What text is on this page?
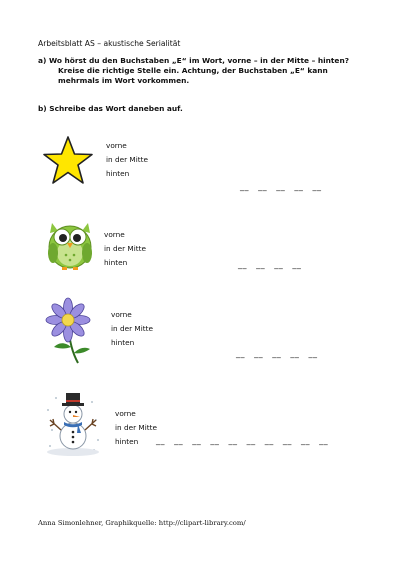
Arbeitsblatt AS – akustische Serialität
a) Wo hörst du den Buchstaben „E“ im Wort, vorne – in der Mitte – hinten?
Kreise die richtige Stelle ein. Achtung, der Buchstaben „E“ kann mehrmals im Wort vorkommen.
b) Schreibe das Wort daneben auf.
vorne
in der Mitte
hinten
__   __   __   __   __
vorne
in der Mitte
hinten	__   __   __   __
vorne
in der Mitte
hinten
__   __   __   __   __
vorne
in der Mitte
hinten	__   __   __   __   __   __   __   __   __   __
Anna Simonlehner, Graphikquelle: http://clipart-library.com/
